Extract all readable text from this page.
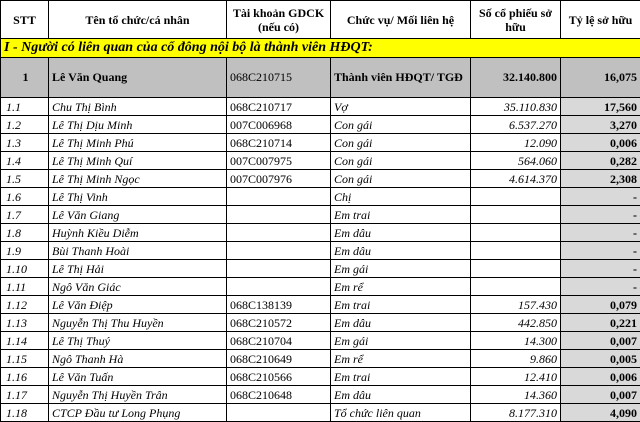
STT	Tên tổ chức/cá nhân	Tài khoản GDCK (nếu có)	Chức vụ/ Mối liên hệ	Số cổ phiếu sở hữu	Tỷ lệ sở hữu
I - Người có liên quan của cổ đông nội bộ là thành viên HĐQT:					
1	Lê Văn Quang	068C210715	Thành viên HĐQT/ TGĐ	32.140.800	16,075
1.1	Chu Thị Bình	068C210717	Vợ	35.110.830	17,560
1.2	Lê Thị Dịu Minh	007C006968	Con gái	6.537.270	3,270
1.3	Lê Thị Minh Phú	068C210714	Con gái	12.090	0,006
1.4	Lê Thị Minh Quí	007C007975	Con gái	564.060	0,282
1.5	Lê Thị Minh Ngọc	007C007976	Con gái	4.614.370	2,308
1.6	Lê Thị Vinh		Chị		-
1.7	Lê Văn Giang		Em trai		-
1.8	Huỳnh Kiều Diễm		Em dâu		-
1.9	Bùi Thanh Hoài		Em dâu		-
1.10	Lê Thị Hải		Em gái		-
1.11	Ngô Văn Giác		Em rể		-
1.12	Lê Văn Điệp	068C138139	Em trai	157.430	0,079
1.13	Nguyễn Thị Thu Huyền	068C210572	Em dâu	442.850	0,221
1.14	Lê Thị Thuý	068C210704	Em gái	14.300	0,007
1.15	Ngô Thanh Hà	068C210649	Em rể	9.860	0,005
1.16	Lê Văn Tuấn	068C210566	Em trai	12.410	0,006
1.17	Nguyễn Thị Huyền Trân	068C210648	Em dâu	14.360	0,007
1.18	CTCP Đầu tư Long Phụng		Tổ chức liên quan	8.177.310	4,090
